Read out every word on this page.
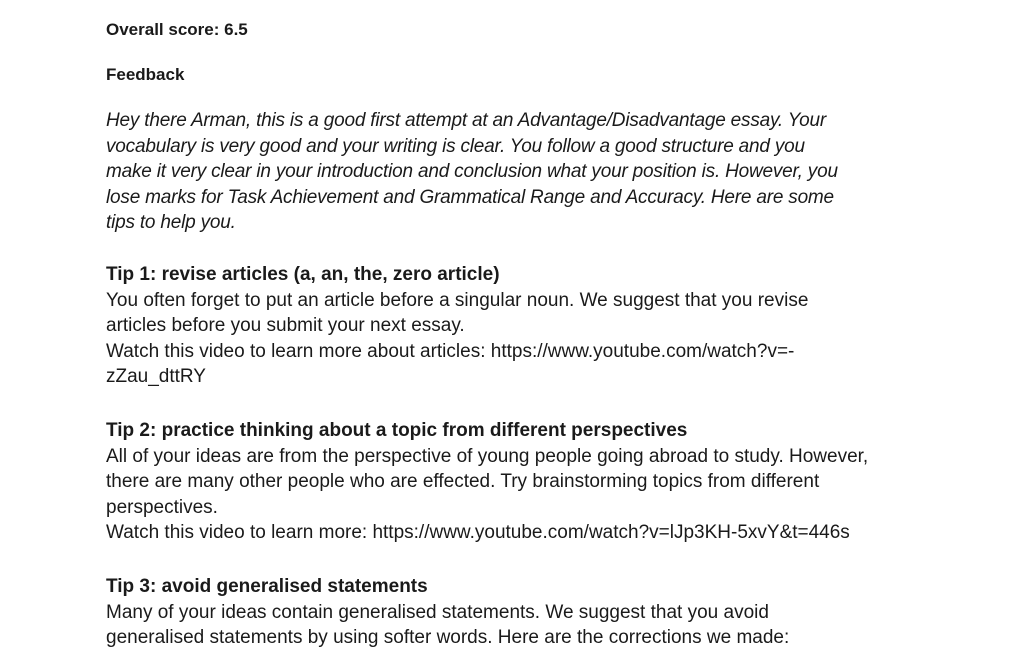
Overall score: 6.5

Feedback

Hey there Arman, this is a good first attempt at an Advantage/Disadvantage essay. Your
vocabulary is very good and your writing is clear. You follow a good structure and you
make it very clear in your introduction and conclusion what your position is. However, you
lose marks for Task Achievement and Grammatical Range and Accuracy. Here are some
tips to help you.

Tip 1: revise articles (a, an, the, zero article)

You often forget to put an article before a singular noun. We suggest that you revise

articles before you submit your next essay.

Watch this video to learn more about articles: https://www.youtube.com/watch?v=-

zZau_dttRY

Tip 2: practice thinking about a topic from different perspectives

All of your ideas are from the perspective of young people going abroad to study. However,

there are many other people who are effected. Try brainstorming topics from different

perspectives.

Watch this video to learn more: https://www.youtube.com/watch?v=lJp3KH-5xvY&t=446s

Tip 3: avoid generalised statements

Many of your ideas contain generalised statements. We suggest that you avoid

generalised statements by using softer words. Here are the corrections we made:
